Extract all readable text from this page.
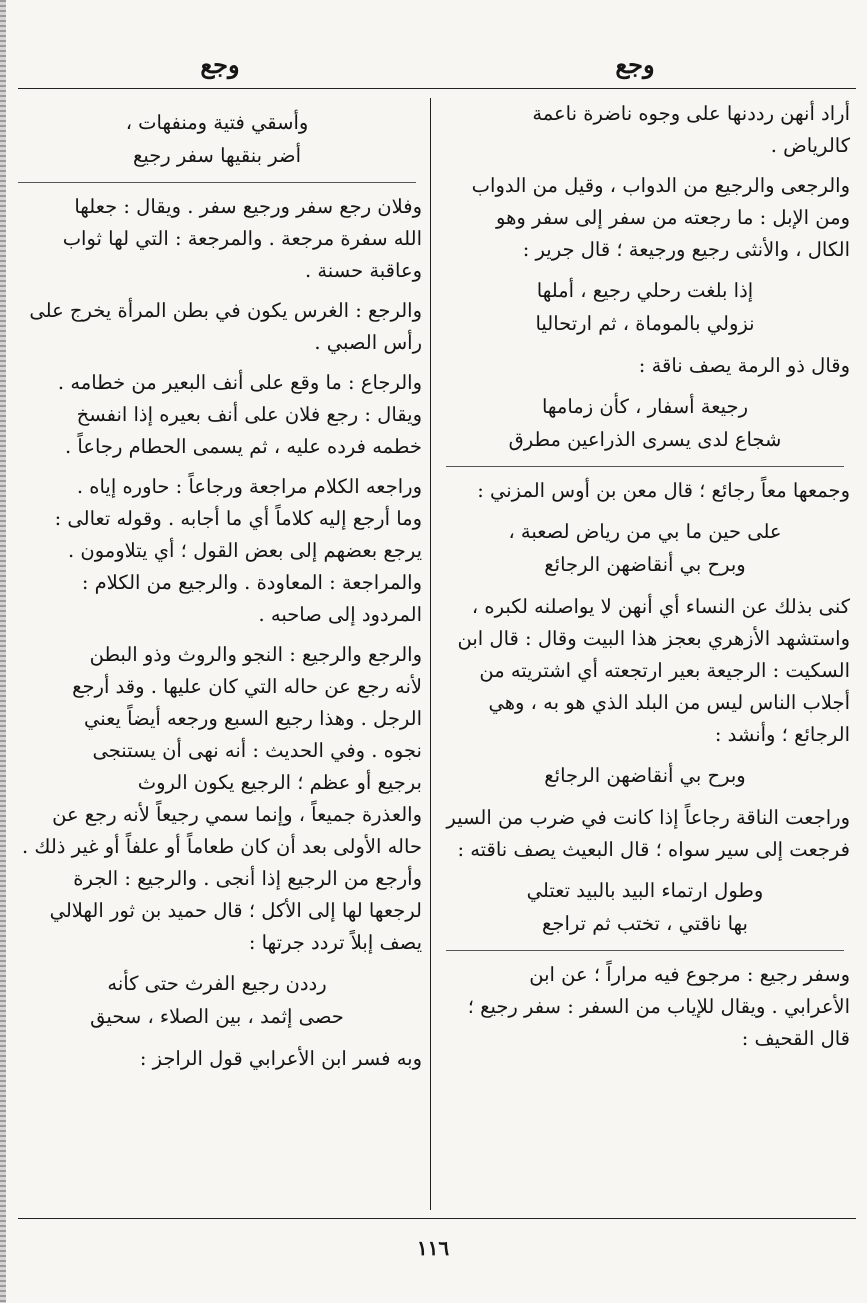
وجع
وجع
أراد أنهن رددنها على وجوه ناضرة ناعمة
كالرياض .
والرجعى والرجيع من الدواب ، وقيل من الدواب
ومن الإبل : ما رجعته من سفر إلى سفر وهو
الكال ، والأنثى رجيع ورجيعة ؛ قال جرير :
إذا بلغت رحلي رجيع ، أملها
نزولي بالموماة ، ثم ارتحاليا
وقال ذو الرمة يصف ناقة :
رجيعة أسفار ، كأن زمامها
شجاع لدى يسرى الذراعين مطرق
وجمعها معاً رجائع ؛ قال معن بن أوس المزني :
على حين ما بي من رياض لصعبة ،
وبرح بي أنقاضهن الرجائع
كنى بذلك عن النساء أي أنهن لا يواصلنه لكبره ،
واستشهد الأزهري بعجز هذا البيت وقال : قال ابن
السكيت : الرجيعة بعير ارتجعته أي اشتريته من
أجلاب الناس ليس من البلد الذي هو به ، وهي
الرجائع ؛ وأنشد :
وبرح بي أنقاضهن الرجائع
وراجعت الناقة رجاعاً إذا كانت في ضرب من السير
فرجعت إلى سير سواه ؛ قال البعيث يصف ناقته :
وطول ارتماء البيد بالبيد تعتلي
بها ناقتي ، تختب ثم تراجع
وسفر رجيع : مرجوع فيه مراراً ؛ عن ابن
الأعرابي . ويقال للإياب من السفر : سفر رجيع ؛
قال القحيف :
وأسقي فتية ومنفهات ،
أضر بنقيها سفر رجيع
وفلان رجع سفر ورجيع سفر . ويقال : جعلها
الله سفرة مرجعة . والمرجعة : التي لها ثواب
وعاقبة حسنة .
والرجع : الغرس يكون في بطن المرأة يخرج على
رأس الصبي .
والرجاع : ما وقع على أنف البعير من خطامه .
ويقال : رجع فلان على أنف بعيره إذا انفسخ
خطمه فرده عليه ، ثم يسمى الحطام رجاعاً .
وراجعه الكلام مراجعة ورجاعاً : حاوره إياه .
وما أرجع إليه كلاماً أي ما أجابه . وقوله تعالى :
يرجع بعضهم إلى بعض القول ؛ أي يتلاومون .
والمراجعة : المعاودة . والرجيع من الكلام :
المردود إلى صاحبه .
والرجع والرجيع : النجو والروث وذو البطن
لأنه رجع عن حاله التي كان عليها . وقد أرجع
الرجل . وهذا رجيع السبع ورجعه أيضاً يعني
نجوه . وفي الحديث : أنه نهى أن يستنجى
برجيع أو عظم ؛ الرجيع يكون الروث
والعذرة جميعاً ، وإنما سمي رجيعاً لأنه رجع عن
حاله الأولى بعد أن كان طعاماً أو علفاً أو غير ذلك .
وأرجع من الرجيع إذا أنجى . والرجيع : الجرة
لرجعها لها إلى الأكل ؛ قال حميد بن ثور الهلالي
يصف إبلاً تردد جرتها :
رددن رجيع الفرث حتى كأنه
حصى إثمد ، بين الصلاء ، سحيق
وبه فسر ابن الأعرابي قول الراجز :
١١٦
